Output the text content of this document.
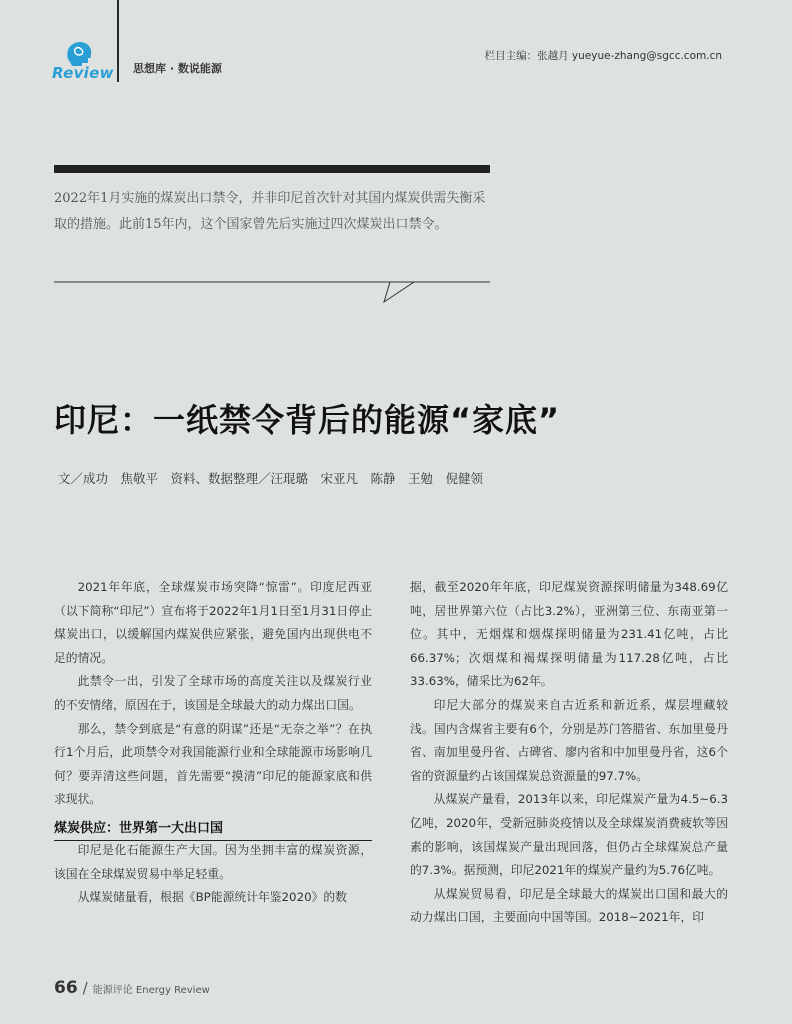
Review 思想库 · 数说能源
栏目主编：张越月 yueyue-zhang@sgcc.com.cn
2022年1月实施的煤炭出口禁令，并非印尼首次针对其国内煤炭供需失衡采取的措施。此前15年内，这个国家曾先后实施过四次煤炭出口禁令。
印尼：一纸禁令背后的能源“家底”
文／成功　焦敬平　资料、数据整理／汪琨璐　宋亚凡　陈静　王勉　倪健领

2021年年底，全球煤炭市场突降“惊雷”。印度尼西亚（以下简称“印尼”）宣布将于2022年1月1日至1月31日停止煤炭出口，以缓解国内煤炭供应紧张，避免国内出现供电不足的情况。

此禁令一出，引发了全球市场的高度关注以及煤炭行业的不安情绪，原因在于，该国是全球最大的动力煤出口国。

那么，禁令到底是“有意的阴谋”还是“无奈之举”？在执行1个月后，此项禁令对我国能源行业和全球能源市场影响几何？要弄清这些问题，首先需要“摸清”印尼的能源家底和供求现状。

煤炭供应：世界第一大出口国

印尼是化石能源生产大国。因为坐拥丰富的煤炭资源，该国在全球煤炭贸易中举足轻重。

从煤炭储量看，根据《BP能源统计年鉴2020》的数

据，截至2020年年底，印尼煤炭资源探明储量为348.69亿吨，居世界第六位（占比3.2%），亚洲第三位、东南亚第一位。其中，无烟煤和烟煤探明储量为231.41亿吨，占比66.37%；次烟煤和褐煤探明储量为117.28亿吨，占比33.63%，储采比为62年。

印尼大部分的煤炭来自古近系和新近系，煤层埋藏较浅。国内含煤省主要有6个，分别是苏门答腊省、东加里曼丹省、南加里曼丹省、占碑省、廖内省和中加里曼丹省，这6个省的资源量约占该国煤炭总资源量的97.7%。

从煤炭产量看，2013年以来，印尼煤炭产量为4.5~6.3亿吨，2020年，受新冠肺炎疫情以及全球煤炭消费疲软等因素的影响，该国煤炭产量出现回落，但仍占全球煤炭总产量的7.3%。据预测，印尼2021年的煤炭产量约为5.76亿吨。

从煤炭贸易看，印尼是全球最大的煤炭出口国和最大的动力煤出口国，主要面向中国等国。2018~2021年，印

66 / 能源评论 Energy Review
